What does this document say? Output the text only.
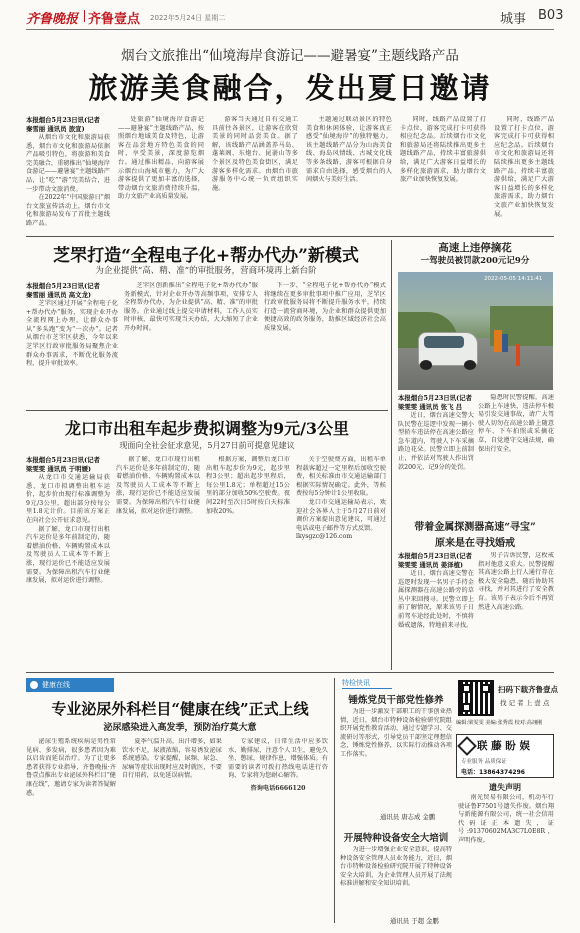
齐鲁晚报 齐鲁壹点 2022年5月24日 星期二	城事 B03
烟台文旅推出“仙境海岸食游记——避暑宴”主题线路产品
旅游美食融合，发出夏日邀请
本报烟台5月23日讯(记者
秦雪丽 通讯员 旅宣)

从烟台市文化和旅游局获悉，烟台市文化和旅游局依据产品吸引特色，将旅游和美食完美融合，重磅推出“仙境海岸食游记——避暑宴”主题线路产品，让“吃”“游”完美结合，进一步带动文旅消费。

在2022年“中国旅游日”烟台文旅宣传活动上，烟台市文化和旅游局发布了首批主题线路产品。

处旅游“仙境海岸食游记——避暑宴”主题线路产品，按照烟台地域美食及特色，让游客在品尝地方特色美食的同时，享受美景，深度游览烟台。通过推出精品，向游客展示烟台山海城市魅力，为广大游客提供了更加丰富的选择，带动烟台文旅消费持续升温，助力文旅产业高质量发展。
游客当天通过自有交通工具前往各景区，让游客在欣赏美景的同时品尝美食。据了解，该线路产品涵盖养马岛、蓬莱阁、东炮台、昆嵛山等多个景区及特色美食街区，满足游客多样化需求。由烟台市旅游服务中心统一负责组织实施。
主题通过联动景区的特色美食和休闲体验，让游客真正感受“仙境海岸”的独特魅力。该主题线路产品分为山海美食线、海岛风情线、古城文化线等多条线路，游客可根据自身需求自由选择，感受烟台的人间烟火与美好生活。
同时，线路产品设置了打卡点位，游客完成打卡可获得相应纪念品。后续烟台市文化和旅游局还将陆续推出更多主题线路产品，持续丰富旅游供给，满足广大游客日益增长的多样化旅游需求，助力烟台文旅产业加快恢复发展。
同时，线路产品设置了打卡点位，游客完成打卡可获得相应纪念品。后续烟台市文化和旅游局还将陆续推出更多主题线路产品，持续丰富旅游供给，满足广大游客日益增长的多样化旅游需求，助力烟台文旅产业加快恢复发展。
芝罘打造“全程电子化+帮办代办”新模式
为企业提供“高、精、准”的审批服务，营商环境再上新台阶
本报烟台5月23日讯(记者
秦雪丽 通讯员 高文龙)

芝罘区通过开展“全程电子化+帮办代办”服务，实现企业开办全流程网上办理，让群众办事从“多头跑”变为“一次办”。记者从烟台市芝罘区获悉，今年以来芝罘区行政审批服务局聚焦企业群众办事需求，不断优化服务流程，提升审批效率。

芝罘区创新推出“全程电子化+帮办代办”服务新模式，针对企业开办等高频事项，安排专人全程帮办代办，为企业提供“高、精、准”的审批服务。企业通过线上提交申请材料，工作人员实时审核，最快可实现当天办结，大大缩短了企业开办时间。
下一步，“全程电子化+帮办代办”模式将继续在更多审批事项中推广应用，芝罘区行政审批服务局将不断提升服务水平，持续打造一流营商环境，为企业和群众提供更加便捷高效的政务服务，助推区域经济社会高质量发展。
高速上违停摘花
一驾驶员被罚款200元记9分
2022-05-05 14:11:41
本报烟台5月23日讯(记者
梁雯雯 通讯员 张飞 吕

近日，烟台高速交警大队民警在巡逻中发现一辆小型轿车违法停在高速公路应急车道内，驾驶人下车采摘路边花朵。民警立即上前制止，并依法对驾驶人作出罚款200元、记9分的处罚。

隐患时民警提醒，高速公路上车速快，违法停车极易引发交通事故，请广大驾驶人切勿在高速公路上随意停车、下车拍照或采摘花草，自觉遵守交通法规，确保出行安全。
带着金属探测器高速“寻宝”
原来是在寻找婚戒
本报烟台5月23日讯(记者
梁雯雯 通讯员 姜泽植)

近日，烟台高速交警在巡逻时发现一名男子手持金属探测器在高速公路旁的草丛中来回搜寻。民警立即上前了解情况，原来该男子日前驾车途经此处时，不慎将婚戒遗落，特地前来寻找。

男子告诉民警，这枚戒指对他意义重大。民警提醒其高速公路上行人通行存在极大安全隐患，随后协助其寻找，并对其进行了安全教育。该男子表示今后不再贸然进入高速公路。
龙口市出租车起步费拟调整为9元/3公里
现面向全社会征求意见，5月27日前可提意见建议
本报烟台5月23日讯(记者
梁雯雯 通讯员 于明媛)

从龙口市交通运输局获悉，龙口市拟调整出租车运价，起步价由现行标准调整为9元/3公里，超出部分按每公里1.8元计价。目前该方案正在向社会公开征求意见。

据了解，龙口市现行出租汽车运价是多年前制定的，随着燃油价格、车辆购置成本以及驾驶员人工成本等不断上涨，现行运价已不能适应发展需要。为保障出租汽车行业健康发展，拟对运价进行调整。

据了解，龙口市现行出租汽车运价是多年前制定的，随着燃油价格、车辆购置成本以及驾驶员人工成本等不断上涨，现行运价已不能适应发展需要。为保障出租汽车行业健康发展，拟对运价进行调整。
根据方案，调整后龙口市出租车起步价为9元，起步里程3公里；超出起步里程后，每公里1.8元；单程超过15公里的部分加收50%空驶费。夜间22时至次日5时按白天标准加收20%。

关于空驶费方面，出租车单程载客超过一定里程后加收空驶费，相关标准由市交通运输部门根据实际情况确定。此外，等候费按每5分钟计1公里收取。

龙口市交通运输局表示，欢迎社会各界人士于5月27日前对调价方案提出意见建议，可通过电话或电子邮件等方式反馈。

lkysgzc@126.com

健康在线
专业泌尿外科栏目“健康在线”正式上线
泌尿感染进入高发季，预防治疗莫大意
泌尿生殖系统疾病是男性常见病、多发病，很多患者因为难以启齿而延误治疗。为了让更多患者获得专业指导，齐鲁晚报·齐鲁壹点推出专业泌尿外科栏目“健康在线”，邀请专家为读者答疑解惑。
夏季气温升高，出汗增多，如果饮水不足，尿液浓缩，容易诱发泌尿系统感染。专家提醒，尿频、尿急、尿痛等症状出现时应及时就医，不要自行用药，以免延误病情。

专家建议，日常生活中应多饮水、勤排尿，注意个人卫生，避免久坐、憋尿，规律作息，增强体质。有需要的读者可拨打热线电话进行咨询，专家将为您耐心解答。

咨询电话6666120

特检快讯
锤炼党员干部党性修养
为进一步激发干部职工的干事创业热情，近日，烟台市特种设备检验研究院组织开展党性教育活动，通过专题学习、交流研讨等形式，引导党员干部坚定理想信念，锤炼党性修养，以实际行动推动各项工作落实。
通讯员 唐志成 金鹏
开展特种设备安全大培训
为进一步增强企业安全意识，提高特种设备安全管理人员业务能力，近日，烟台市特种设备检验研究院开展了特种设备安全大培训，为企业管理人员开展了法规标准讲解和安全知识培训。
通讯员 于超 金鹏
扫码下载齐鲁壹点
找 记 者 上 壹 点
编辑:梁雯雯 美编:张秀霞 校对:高翊刚
联 藤 盼 娱
专业服务 品质保证
电话：13864374296
遗失声明
南光贸易有限公司，机动车行驶证鲁F7501号遗失作废。烟台翔与新能源有限公司，统一社会信用代码证正本遗失，证号:91370602MA3C7L0E8R，声明作废。
